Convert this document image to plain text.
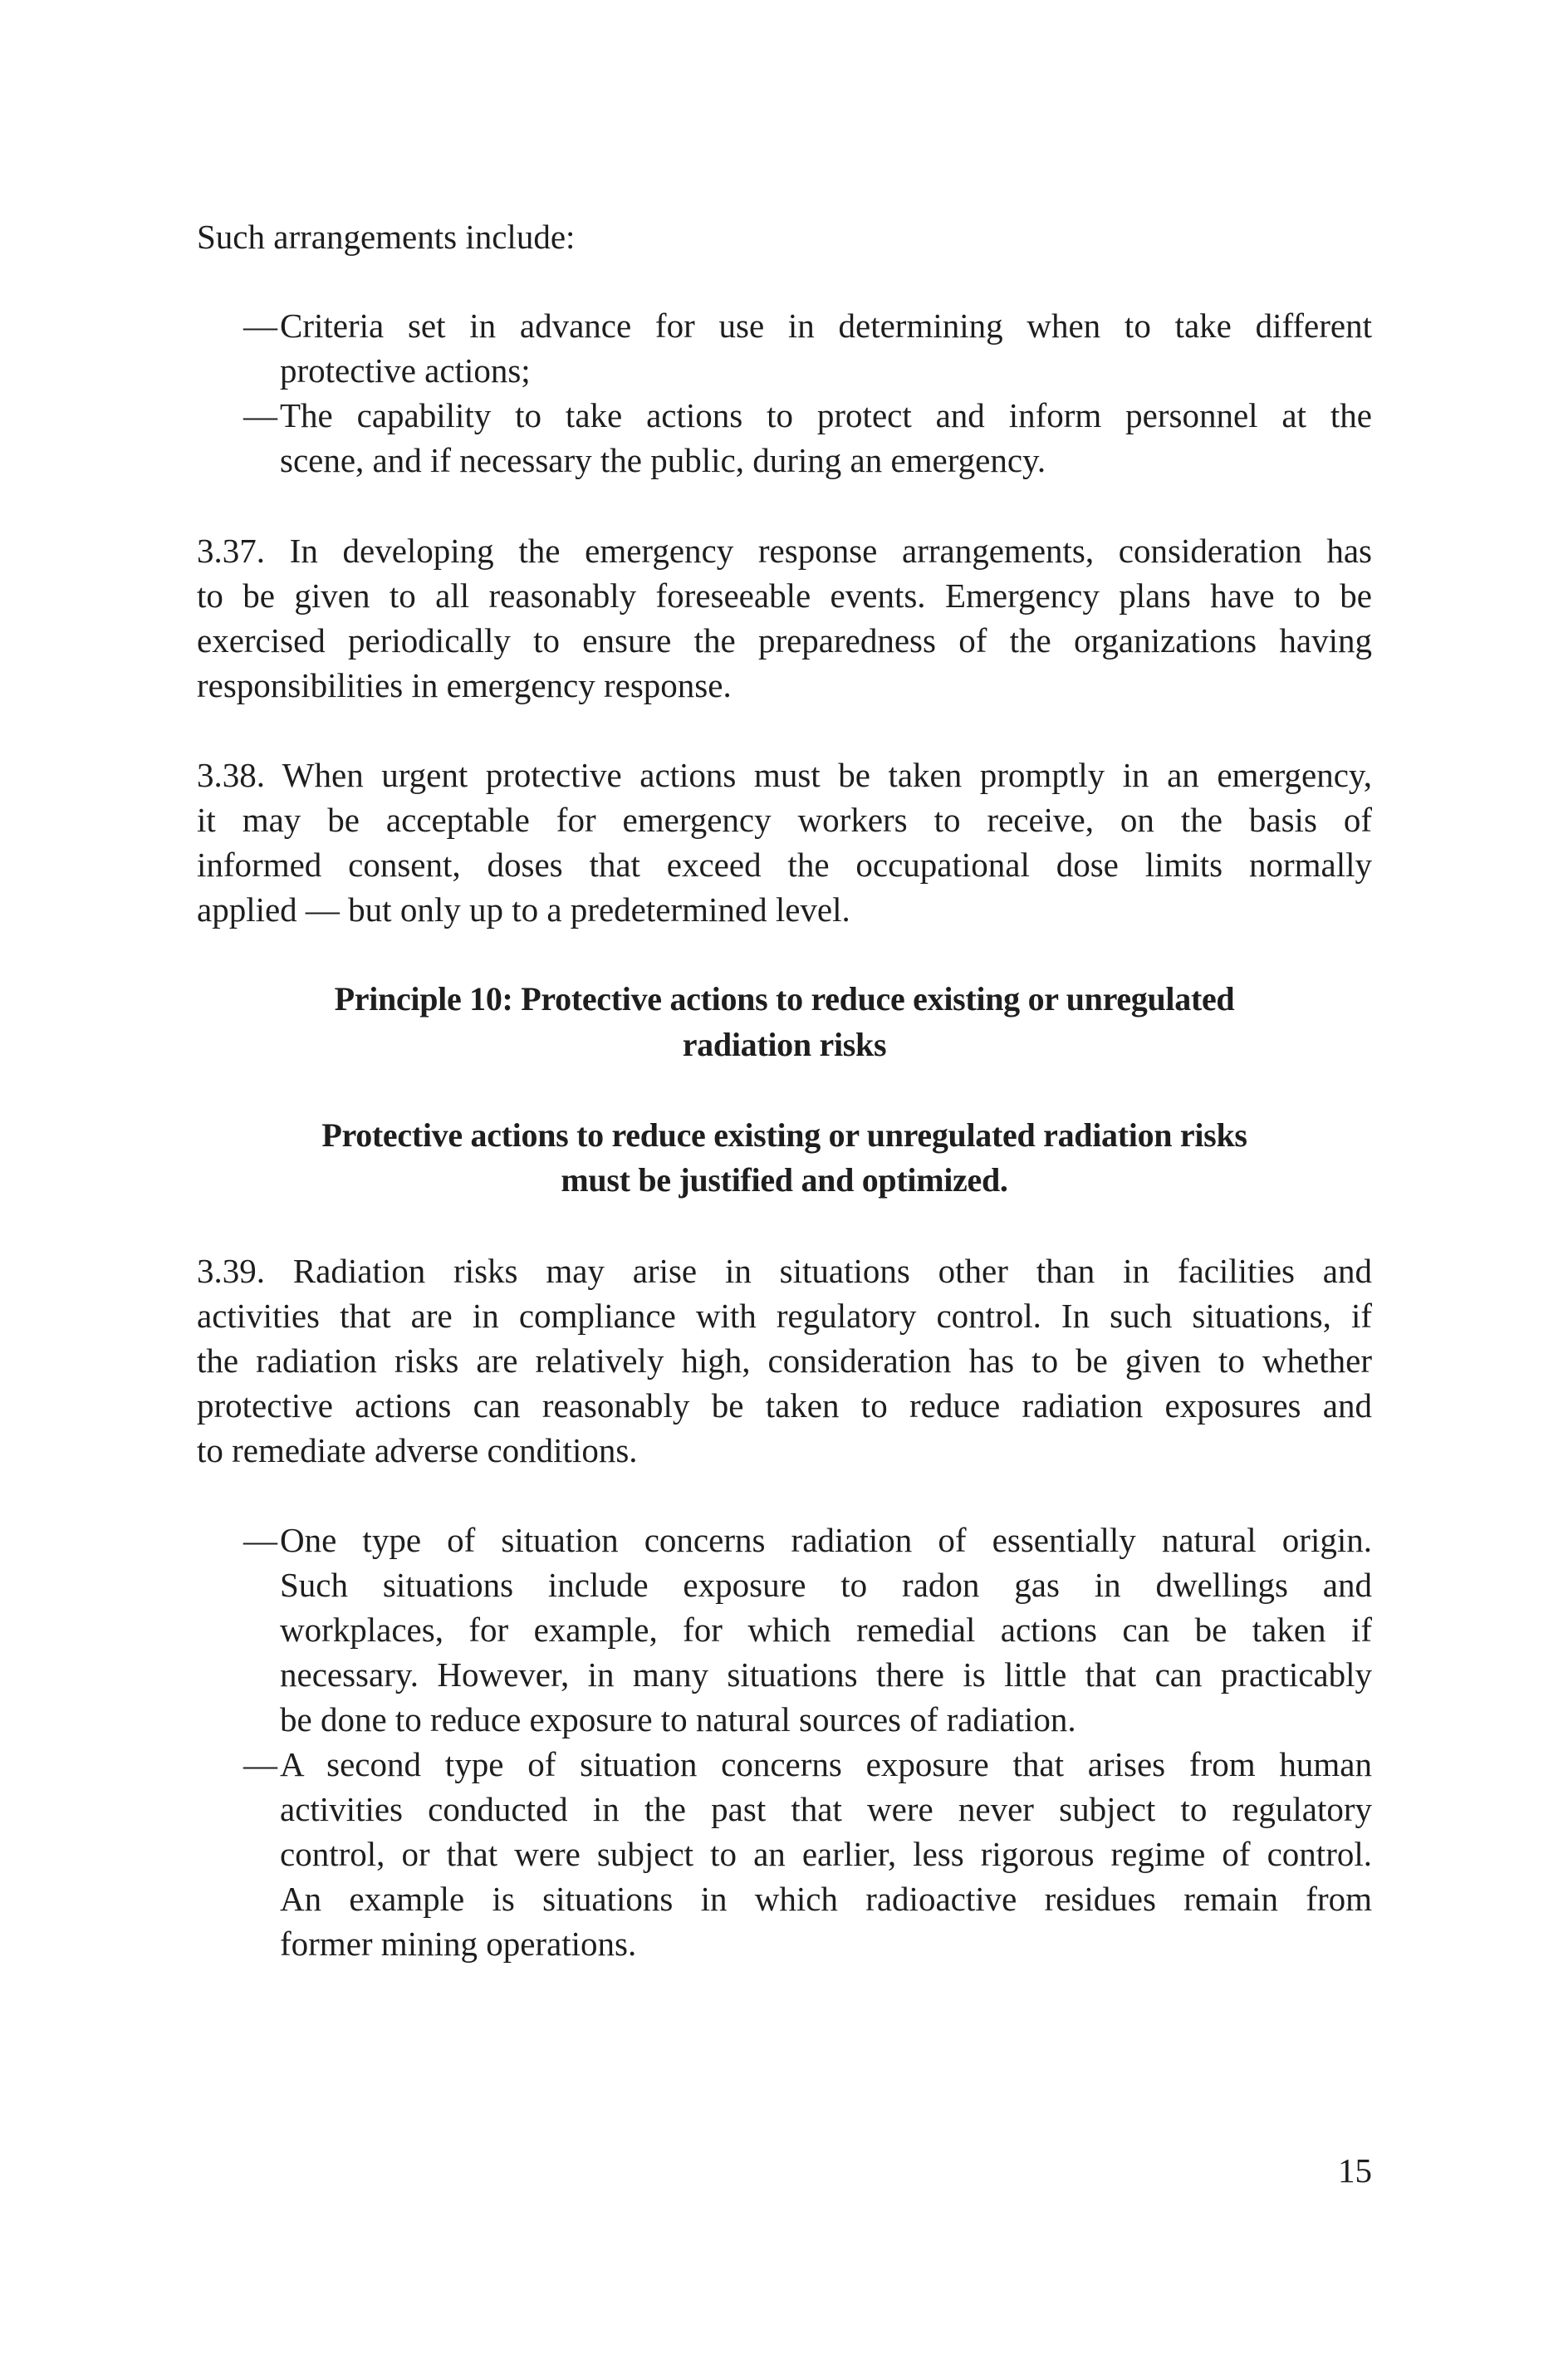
Such arrangements include:
— Criteria set in advance for use in determining when to take different
protective actions;
— The capability to take actions to protect and inform personnel at the
scene, and if necessary the public, during an emergency.
3.37. In developing the emergency response arrangements, consideration has
to be given to all reasonably foreseeable events. Emergency plans have to be
exercised periodically to ensure the preparedness of the organizations having
responsibilities in emergency response.
3.38. When urgent protective actions must be taken promptly in an emergency,
it may be acceptable for emergency workers to receive, on the basis of
informed consent, doses that exceed the occupational dose limits normally
applied — but only up to a predetermined level.
Principle 10: Protective actions to reduce existing or unregulated
radiation risks
Protective actions to reduce existing or unregulated radiation risks
must be justified and optimized.
3.39. Radiation risks may arise in situations other than in facilities and
activities that are in compliance with regulatory control. In such situations, if
the radiation risks are relatively high, consideration has to be given to whether
protective actions can reasonably be taken to reduce radiation exposures and
to remediate adverse conditions.
— One type of situation concerns radiation of essentially natural origin.
Such situations include exposure to radon gas in dwellings and
workplaces, for example, for which remedial actions can be taken if
necessary. However, in many situations there is little that can practicably
be done to reduce exposure to natural sources of radiation.
— A second type of situation concerns exposure that arises from human
activities conducted in the past that were never subject to regulatory
control, or that were subject to an earlier, less rigorous regime of control.
An example is situations in which radioactive residues remain from
former mining operations.
15
